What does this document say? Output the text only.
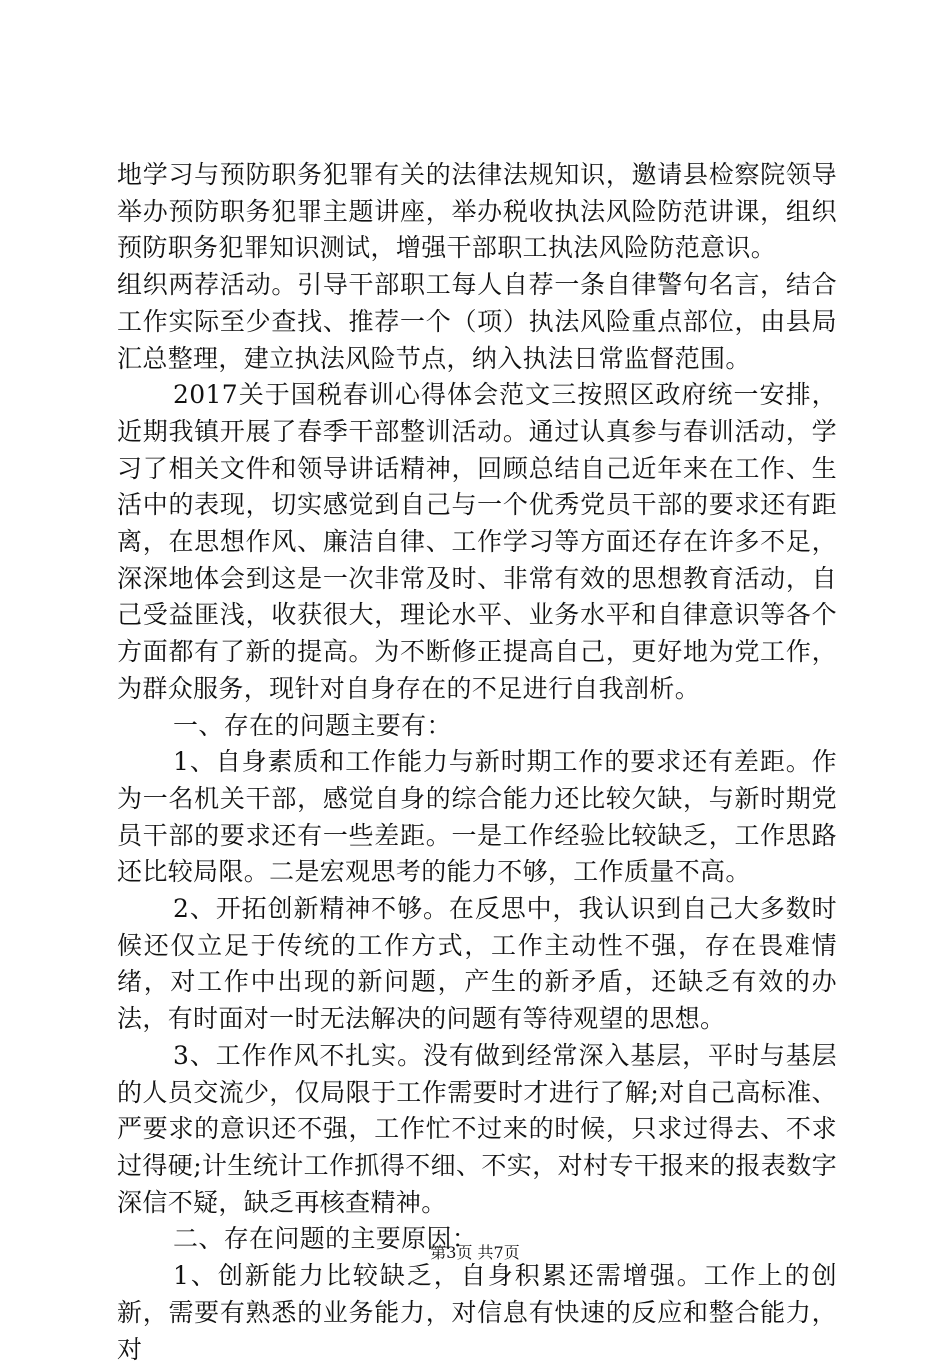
地学习与预防职务犯罪有关的法律法规知识，邀请县检察院领导举办预防职务犯罪主题讲座，举办税收执法风险防范讲课，组织预防职务犯罪知识测试，增强干部职工执法风险防范意识。

组织两荐活动。引导干部职工每人自荐一条自律警句名言，结合工作实际至少查找、推荐一个（项）执法风险重点部位，由县局汇总整理，建立执法风险节点，纳入执法日常监督范围。

2017关于国税春训心得体会范文三按照区政府统一安排，近期我镇开展了春季干部整训活动。通过认真参与春训活动，学习了相关文件和领导讲话精神，回顾总结自己近年来在工作、生活中的表现，切实感觉到自己与一个优秀党员干部的要求还有距离，在思想作风、廉洁自律、工作学习等方面还存在许多不足，深深地体会到这是一次非常及时、非常有效的思想教育活动，自己受益匪浅，收获很大，理论水平、业务水平和自律意识等各个方面都有了新的提高。为不断修正提高自己，更好地为党工作，为群众服务，现针对自身存在的不足进行自我剖析。

一、存在的问题主要有：

1、自身素质和工作能力与新时期工作的要求还有差距。作为一名机关干部，感觉自身的综合能力还比较欠缺，与新时期党员干部的要求还有一些差距。一是工作经验比较缺乏，工作思路还比较局限。二是宏观思考的能力不够，工作质量不高。

2、开拓创新精神不够。在反思中，我认识到自己大多数时候还仅立足于传统的工作方式，工作主动性不强，存在畏难情绪，对工作中出现的新问题，产生的新矛盾，还缺乏有效的办法，有时面对一时无法解决的问题有等待观望的思想。

3、工作作风不扎实。没有做到经常深入基层，平时与基层的人员交流少，仅局限于工作需要时才进行了解;对自己高标准、严要求的意识还不强，工作忙不过来的时候，只求过得去、不求过得硬;计生统计工作抓得不细、不实，对村专干报来的报表数字深信不疑，缺乏再核查精神。

二、存在问题的主要原因：

1、创新能力比较缺乏，自身积累还需增强。工作上的创新，需要有熟悉的业务能力，对信息有快速的反应和整合能力，对

第3页 共7页
